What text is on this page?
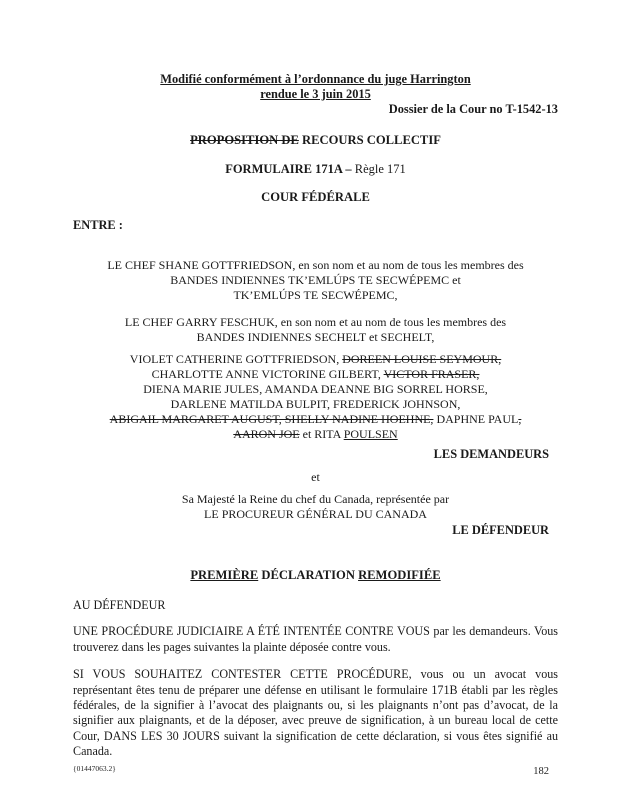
Modifié conformément à l’ordonnance du juge Harrington
rendue le 3 juin 2015
Dossier de la Cour no T-1542-13
PROPOSITION DE RECOURS COLLECTIF
FORMULAIRE 171A – Règle 171
COUR FÉDÉRALE
ENTRE :
LE CHEF SHANE GOTTFRIEDSON, en son nom et au nom de tous les membres des
BANDES INDIENNES TK’EMLÚPS TE SECWÉPEMC et
TK’EMLÚPS TE SECWÉPEMC,
LE CHEF GARRY FESCHUK, en son nom et au nom de tous les membres des
BANDES INDIENNES SECHELT et SECHELT,
VIOLET CATHERINE GOTTFRIEDSON, DOREEN LOUISE SEYMOUR,
CHARLOTTE ANNE VICTORINE GILBERT, VICTOR FRASER,
DIENA MARIE JULES, AMANDA DEANNE BIG SORREL HORSE,
DARLENE MATILDA BULPIT, FREDERICK JOHNSON,
ABIGAIL MARGARET AUGUST, SHELLY NADINE HOEHNE, DAPHNE PAUL,
AARON JOE et RITA POULSEN
LES DEMANDEURS
et
Sa Majesté la Reine du chef du Canada, représentée par
LE PROCUREUR GÉNÉRAL DU CANADA
LE DÉFENDEUR
PREMIÈRE DÉCLARATION REMODIFIÉE
AU DÉFENDEUR
UNE PROCÉDURE JUDICIAIRE A ÉTÉ INTENTÉE CONTRE VOUS par les demandeurs. Vous trouverez dans les pages suivantes la plainte déposée contre vous.
SI VOUS SOUHAITEZ CONTESTER CETTE PROCÉDURE, vous ou un avocat vous représentant êtes tenu de préparer une défense en utilisant le formulaire 171B établi par les règles fédérales, de la signifier à l’avocat des plaignants ou, si les plaignants n’ont pas d’avocat, de la signifier aux plaignants, et de la déposer, avec preuve de signification, à un bureau local de cette Cour, DANS LES 30 JOURS suivant la signification de cette déclaration, si vous êtes signifié au Canada.
{01447063.2}	182
